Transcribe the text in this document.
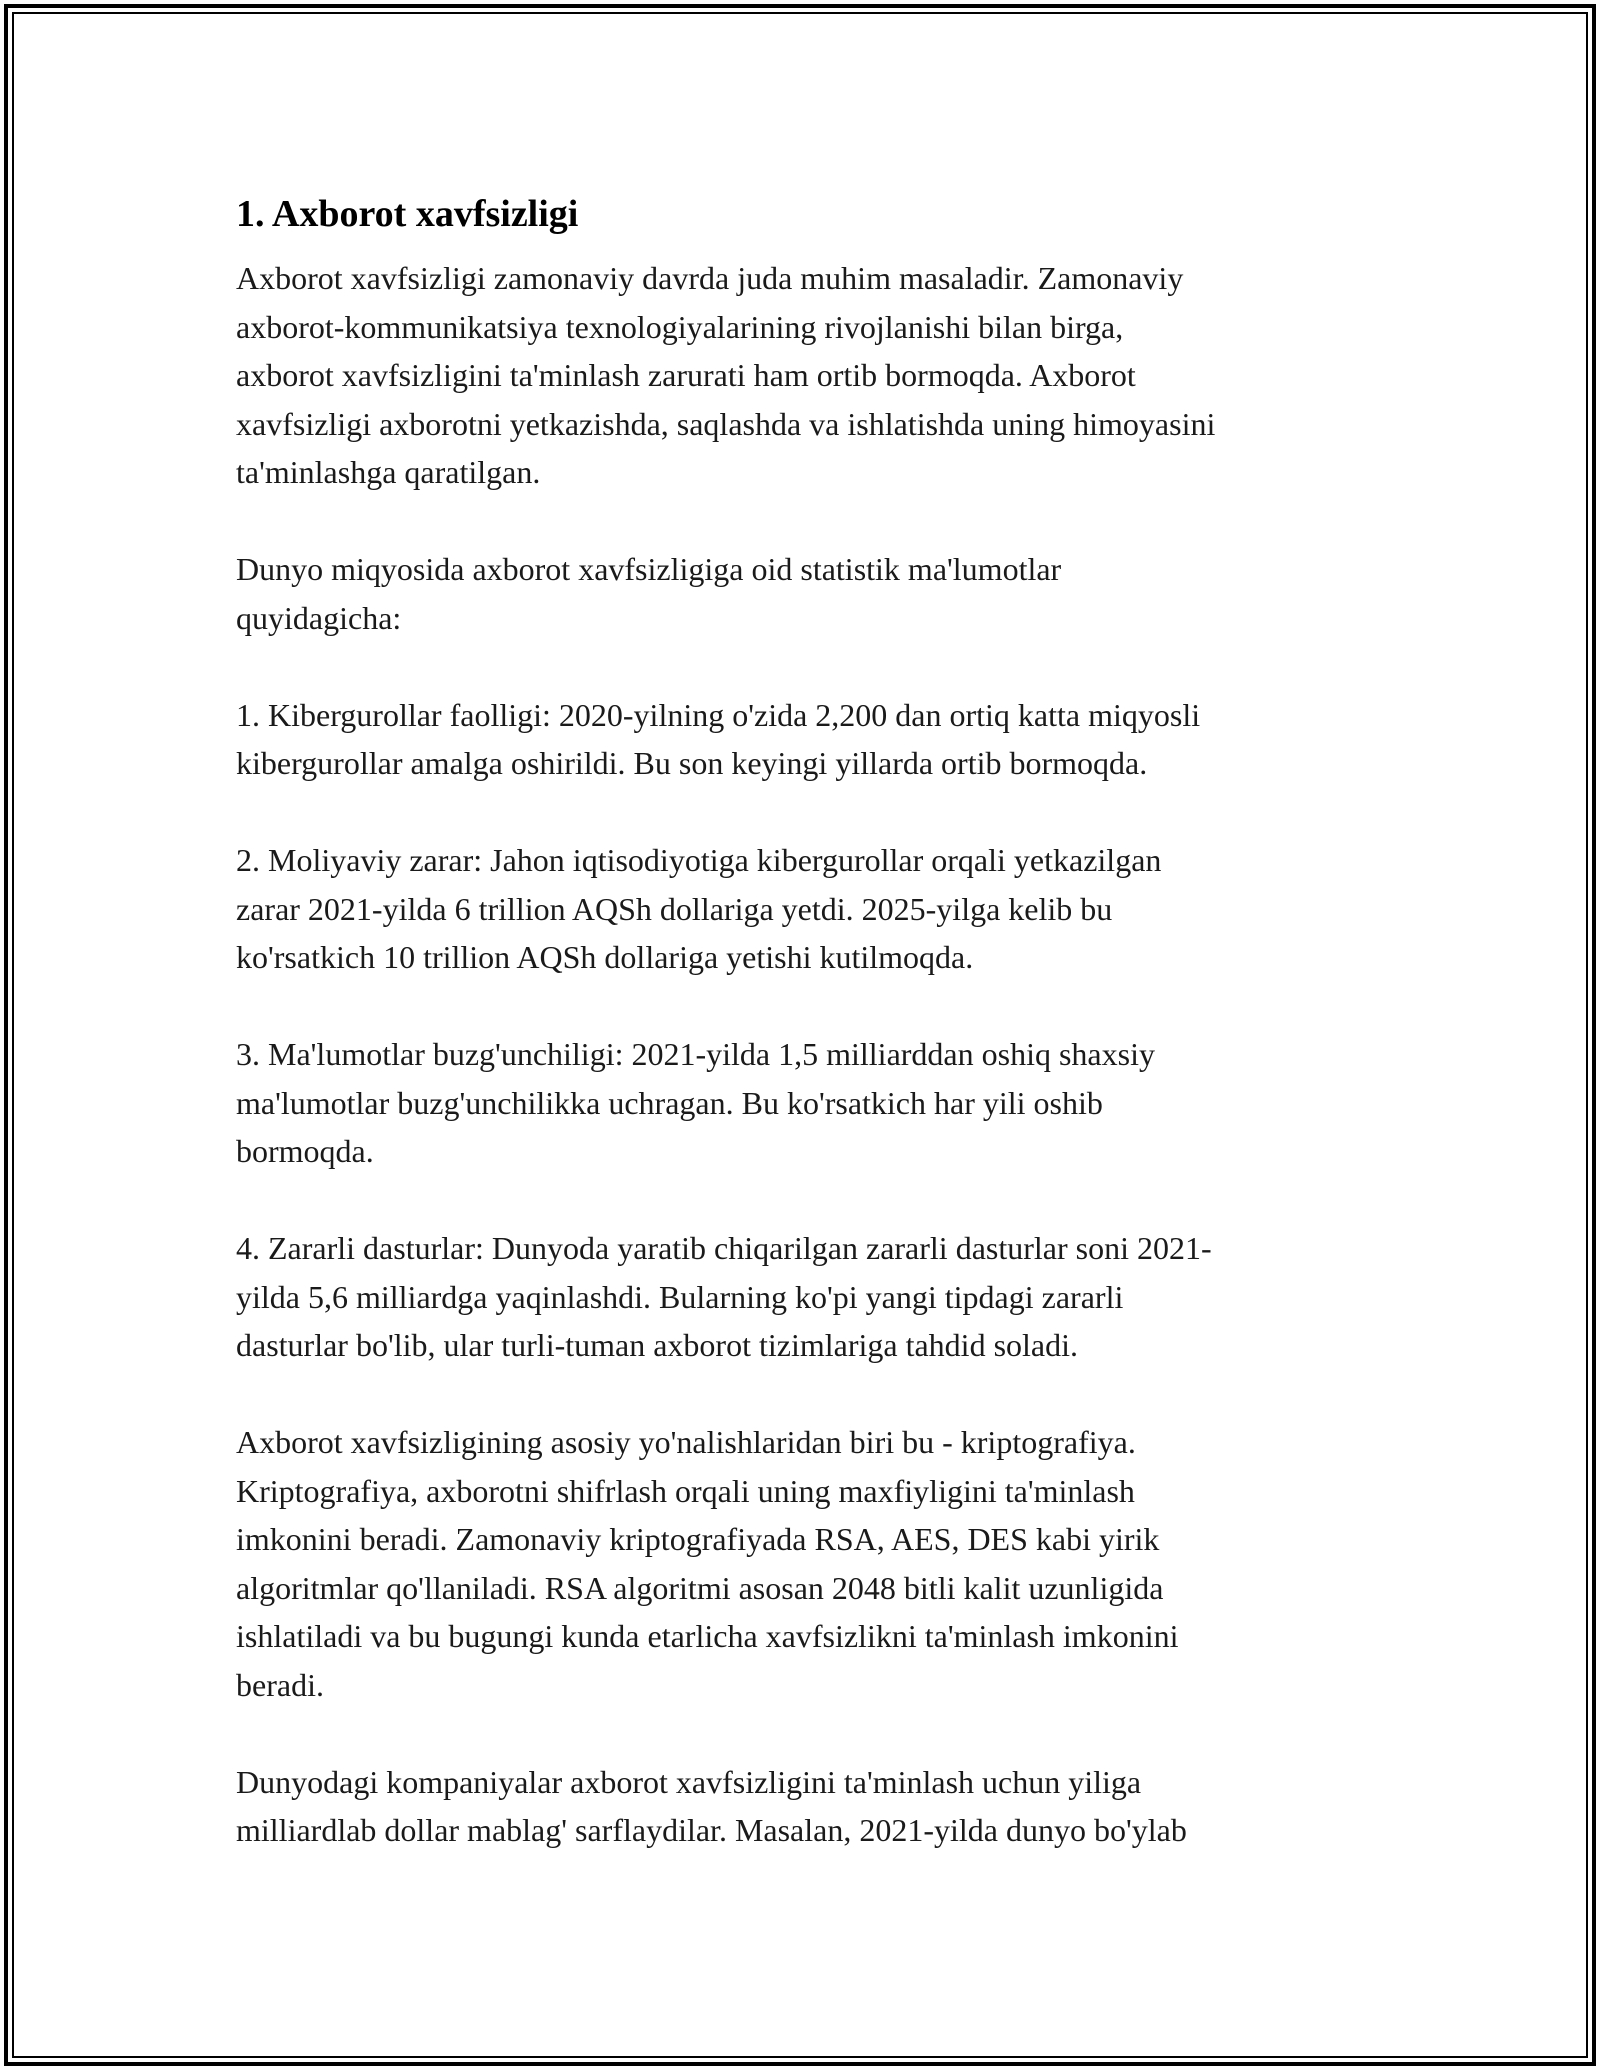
1. Axborot xavfsizligi

Axborot xavfsizligi zamonaviy davrda juda muhim masaladir. Zamonaviy
axborot-kommunikatsiya texnologiyalarining rivojlanishi bilan birga,
axborot xavfsizligini ta'minlash zarurati ham ortib bormoqda. Axborot
xavfsizligi axborotni yetkazishda, saqlashda va ishlatishda uning himoyasini
ta'minlashga qaratilgan.

Dunyo miqyosida axborot xavfsizligiga oid statistik ma'lumotlar
quyidagicha:

1. Kibergurollar faolligi: 2020-yilning o'zida 2,200 dan ortiq katta miqyosli
kibergurollar amalga oshirildi. Bu son keyingi yillarda ortib bormoqda.

2. Moliyaviy zarar: Jahon iqtisodiyotiga kibergurollar orqali yetkazilgan
zarar 2021-yilda 6 trillion AQSh dollariga yetdi. 2025-yilga kelib bu
ko'rsatkich 10 trillion AQSh dollariga yetishi kutilmoqda.

3. Ma'lumotlar buzg'unchiligi: 2021-yilda 1,5 milliarddan oshiq shaxsiy
ma'lumotlar buzg'unchilikka uchragan. Bu ko'rsatkich har yili oshib
bormoqda.

4. Zararli dasturlar: Dunyoda yaratib chiqarilgan zararli dasturlar soni 2021-
yilda 5,6 milliardga yaqinlashdi. Bularning ko'pi yangi tipdagi zararli
dasturlar bo'lib, ular turli-tuman axborot tizimlariga tahdid soladi.

Axborot xavfsizligining asosiy yo'nalishlaridan biri bu - kriptografiya.
Kriptografiya, axborotni shifrlash orqali uning maxfiyligini ta'minlash
imkonini beradi. Zamonaviy kriptografiyada RSA, AES, DES kabi yirik
algoritmlar qo'llaniladi. RSA algoritmi asosan 2048 bitli kalit uzunligida
ishlatiladi va bu bugungi kunda etarlicha xavfsizlikni ta'minlash imkonini
beradi.

Dunyodagi kompaniyalar axborot xavfsizligini ta'minlash uchun yiliga
milliardlab dollar mablag' sarflaydilar. Masalan, 2021-yilda dunyo bo'ylab
